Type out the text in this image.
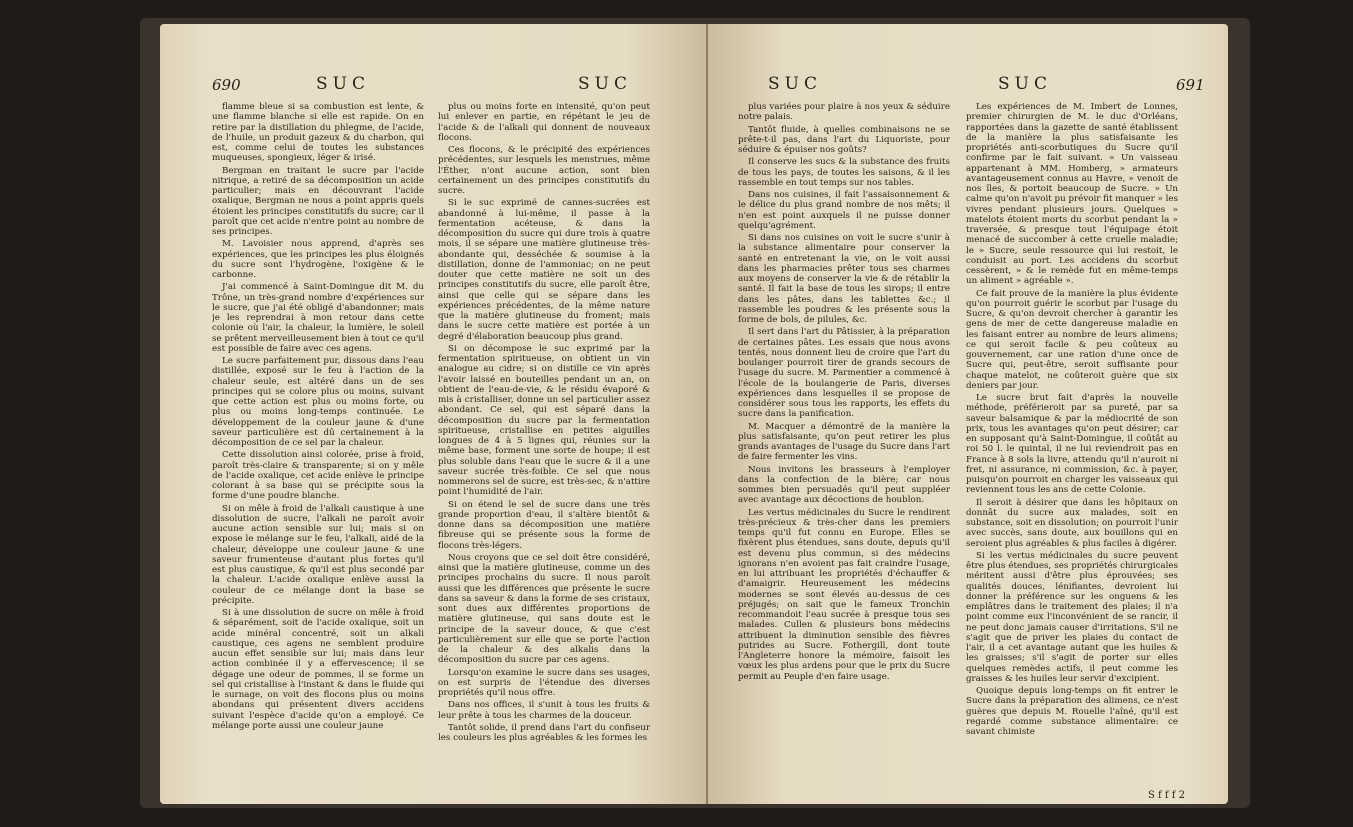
690	SUC	SUC

flamme bleue si sa combustion est lente, & une flamme blanche si elle est rapide. On en retire par la distillation du phlegme, de l'acide, de l'huile, un produit gazeux & du charbon, qui est, comme celui de toutes les substances muqueuses, spongieux, léger & irisé.

Bergman en traitant le sucre par l'acide nitrique, a retiré de sa décomposition un acide particulier; mais en découvrant l'acide oxalique, Bergman ne nous a point appris quels étoient les principes constitutifs du sucre; car il paroît que cet acide n'entre point au nombre de ses principes.

M. Lavoisier nous apprend, d'après ses expériences, que les principes les plus éloignés du sucre sont l'hydrogène, l'oxigène & le carbonne.

J'ai commencé à Saint-Domingue dit M. du Trône, un très-grand nombre d'expériences sur le sucre, que j'ai été obligé d'abandonner; mais je les reprendrai à mon retour dans cette colonie où l'air, la chaleur, la lumière, le soleil se prêtent merveilleusement bien à tout ce qu'il est possible de faire avec ces agens.

Le sucre parfaitement pur, dissous dans l'eau distillée, exposé sur le feu à l'action de la chaleur seule, est altéré dans un de ses principes qui se colore plus ou moins, suivant que cette action est plus ou moins forte, ou plus ou moins long-temps continuée. Le développement de la couleur jaune & d'une saveur particulière est dû certainement à la décomposition de ce sel par la chaleur.

Cette dissolution ainsi colorée, prise à froid, paroît très-claire & transparente; si on y mêle de l'acide oxalique, cet acide enlève le principe colorant à sa base qui se précipite sous la forme d'une poudre blanche.

Si on mêle à froid de l'alkali caustique à une dissolution de sucre, l'alkali ne paroît avoir aucune action sensible sur lui; mais si on expose le mélange sur le feu, l'alkali, aidé de la chaleur, développe une couleur jaune & une saveur frumenteuse d'autant plus fortes qu'il est plus caustique, & qu'il est plus secondé par la chaleur. L'acide oxalique enlève aussi la couleur de ce mélange dont la base se précipite.

Si à une dissolution de sucre on mêle à froid & séparément, soit de l'acide oxalique, soit un acide minéral concentré, soit un alkali caustique, ces agens ne semblent produire aucun effet sensible sur lui; mais dans leur action combinée il y a effervescence; il se dégage une odeur de pommes, il se forme un sel qui cristallise à l'instant & dans le fluide qui le surnage, on voit des flocons plus ou moins abondans qui présentent divers accidens suivant l'espèce d'acide qu'on a employé. Ce mélange porte aussi une couleur jaune

plus ou moins forte en intensité, qu'on peut lui enlever en partie, en répétant le jeu de l'acide & de l'alkali qui donnent de nouveaux flocons.

Ces flocons, & le précipité des expériences précédentes, sur lesquels les menstrues, même l'Éther, n'ont aucune action, sont bien certainement un des principes constitutifs du sucre.

Si le suc exprimé de cannes-sucrées est abandonné à lui-même, il passe à la fermentation acéteuse, & dans la décomposition du sucre qui dure trois à quatre mois, il se sépare une matière glutineuse très-abondante qui, desséchée & soumise à la distillation, donne de l'ammoniac; on ne peut douter que cette matière ne soit un des principes constitutifs du sucre, elle paroît être, ainsi que celle qui se sépare dans les expériences précédentes, de la même nature que la matière glutineuse du froment; mais dans le sucre cette matière est portée à un degré d'élaboration beaucoup plus grand.

Si on décompose le suc exprimé par la fermentation spiritueuse, on obtient un vin analogue au cidre; si on distille ce vin après l'avoir laissé en bouteilles pendant un an, on obtient de l'eau-de-vie, & le résidu évaporé & mis à cristalliser, donne un sel particulier assez abondant. Ce sel, qui est séparé dans la décomposition du sucre par la fermentation spiritueuse, cristallise en petites aiguilles longues de 4 à 5 lignes qui, réunies sur la même base, forment une sorte de houpe; il est plus soluble dans l'eau que le sucre & il a une saveur sucrée très-foible. Ce sel que nous nommerons sel de sucre, est très-sec, & n'attire point l'humidité de l'air.

Si on étend le sel de sucre dans une très grande proportion d'eau, il s'altère bientôt & donne dans sa décomposition une matière fibreuse qui se présente sous la forme de flocons très-légers.

Nous croyons que ce sel doit être considéré, ainsi que la matière glutineuse, comme un des principes prochains du sucre. Il nous paroît aussi que les différences que présente le sucre dans sa saveur & dans la forme de ses cristaux, sont dues aux différentes proportions de matière glutineuse, qui sans doute est le principe de la saveur douce, & que c'est particulièrement sur elle que se porte l'action de la chaleur & des alkalis dans la décomposition du sucre par ces agens.

Lorsqu'on examine le sucre dans ses usages, on est surpris de l'étendue des diverses propriétés qu'il nous offre.

Dans nos offices, il s'unit à tous les fruits & leur prête à tous les charmes de la douceur.

Tantôt solide, il prend dans l'art du confiseur les couleurs les plus agréables & les formes les

SUC	SUC	691

plus variées pour plaire à nos yeux & séduire notre palais.

Tantôt fluide, à quelles combinaisons ne se prête-t-il pas, dans l'art du Liquoriste, pour séduire & épuiser nos goûts?

Il conserve les sucs & la substance des fruits de tous les pays, de toutes les saisons, & il les rassemble en tout temps sur nos tables.

Dans nos cuisines, il fait l'assaisonnement & le délice du plus grand nombre de nos mêts; il n'en est point auxquels il ne puisse donner quelqu'agrément.

Si dans nos cuisines on voit le sucre s'unir à la substance alimentaire pour conserver la santé en entretenant la vie, on le voit aussi dans les pharmacies prêter tous ses charmes aux moyens de conserver la vie & de rétablir la santé. Il fait la base de tous les sirops; il entre dans les pâtes, dans les tablettes &c.; il rassemble les poudres & les présente sous la forme de bols, de pilules, &c.

Il sert dans l'art du Pâtissier, à la préparation de certaines pâtes. Les essais que nous avons tentés, nous donnent lieu de croire que l'art du boulanger pourroit tirer de grands secours de l'usage du sucre. M. Parmentier a commencé à l'école de la boulangerie de Paris, diverses expériences dans lesquelles il se propose de considérer sous tous les rapports, les effets du sucre dans la panification.

M. Macquer a démontré de la manière la plus satisfaisante, qu'on peut retirer les plus grands avantages de l'usage du Sucre dans l'art de faire fermenter les vins.

Nous invitons les brasseurs à l'employer dans la confection de la bière; car nous sommes bien persuadés qu'il peut suppléer avec avantage aux décoctions de houblon.

Les vertus médicinales du Sucre le rendirent très-précieux & très-cher dans les premiers temps qu'il fut connu en Europe. Elles se fixèrent plus étendues, sans doute, depuis qu'il est devenu plus commun, si des médecins ignorans n'en avoient pas fait craindre l'usage, en lui attribuant les propriétés d'échauffer & d'amaigrir. Heureusement les médecins modernes se sont élevés au-dessus de ces préjugés; on sait que le fameux Tronchin recommandoit l'eau sucrée à presque tous ses malades. Cullen & plusieurs bons médecins attribuent la diminution sensible des fièvres putrides au Sucre. Fothergill, dont toute l'Angleterre honore la mémoire, faisoit les vœux les plus ardens pour que le prix du Sucre permit au Peuple d'en faire usage.

Les expériences de M. Imbert de Lonnes, premier chirurgien de M. le duc d'Orléans, rapportées dans la gazette de santé établissent de la manière la plus satisfaisante les propriétés anti-scorbutiques du Sucre qu'il confirme par le fait suivant. « Un vaisseau appartenant à MM. Homberg, » armateurs avantageusement connus au Havre, » venoit de nos îles, & portoit beaucoup de Sucre. » Un calme qu'on n'avoit pu prévoir fit manquer » les vivres pendant plusieurs jours. Quelques » matelots étoient morts du scorbut pendant la » traversée, & presque tout l'équipage étoit menacé de succomber à cette cruelle maladie; le » Sucre, seule ressource qui lui restoit, le conduisit au port. Les accidens du scorbut cessèrent, » & le remède fut en même-temps un aliment » agréable ».

Ce fait prouve de la manière la plus évidente qu'on pourroit guérir le scorbut par l'usage du Sucre, & qu'on devroit chercher à garantir les gens de mer de cette dangereuse maladie en les faisant entrer au nombre de leurs alimens; ce qui seroit facile & peu coûteux au gouvernement, car une ration d'une once de Sucre qui, peut-être, seroit suffisante pour chaque matelot, ne coûteroit guère que six deniers par jour.

Le sucre brut fait d'après la nouvelle méthode, préférieroit par sa pureté, par sa saveur balsamique & par la médiocrité de son prix, tous les avantages qu'on peut désirer; car en supposant qu'à Saint-Domingue, il coûtât au roi 50 l. le quintal, il ne lui reviendroit pas en France à 8 sols la livre, attendu qu'il n'auroit ni fret, ni assurance, ni commission, &c. à payer, puisqu'on pourroit en charger les vaisseaux qui reviennent tous les ans de cette Colonie.

Il seroit à désirer que dans les hôpitaux on donnât du sucre aux malades, soit en substance, soit en dissolution; on pourroit l'unir avec succès, sans doute, aux bouillons qui en seroient plus agréables & plus faciles à digérer.

Si les vertus médicinales du sucre peuvent être plus étendues, ses propriétés chirurgicales méritent aussi d'être plus éprouvées; ses qualités douces, lénifiantes, devroient lui donner la préférence sur les onguens & les emplâtres dans le traitement des plaies; il n'a point comme eux l'inconvénient de se rancir, il ne peut donc jamais causer d'irritations. S'il ne s'agit que de priver les plaies du contact de l'air, il a cet avantage autant que les huiles & les graisses; s'il s'agit de porter sur elles quelques remèdes actifs, il peut comme les graisses & les huiles leur servir d'excipient.

Quoique depuis long-temps on fit entrer le Sucre dans la préparation des alimens, ce n'est guères que depuis M. Rouelle l'aîné, qu'il est regardé comme substance alimentaire: ce savant chimiste

S f f f 2
